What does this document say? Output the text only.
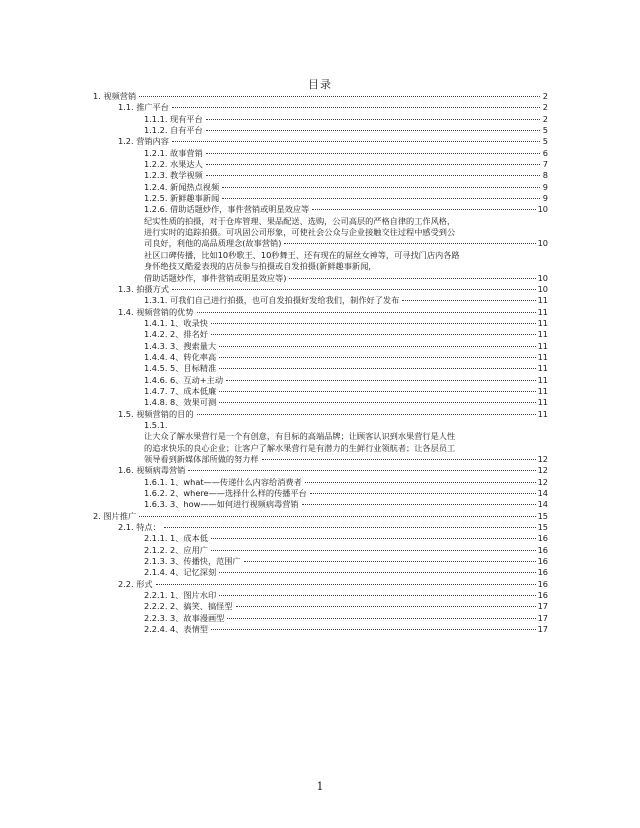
目录
1. 视频营销	2
1.1. 推广平台	2
1.1.1. 现有平台	2
1.1.2. 自有平台	5
1.2. 营销内容	5
1.2.1. 故事营销	6
1.2.2. 水果达人	7
1.2.3. 教学视频	8
1.2.4. 新闻热点视频	9
1.2.5. 新鲜趣事新闻	9
1.2.6. 借助话题炒作，事件营销或明星效应等	10
纪实性质的拍摄，对于仓库管理、果品配送、选购，公司高层的严格自律的工作风格，
进行实时的追踪拍摄。可巩固公司形象，可使社会公众与企业接触交往过程中感受到公
司良好，利他的高品质理念(故事营销)	10
社区口碑传播，比如10秒歌王、10秒舞王、还有现在的屌丝女神等，可寻找门店内各路
身怀绝技又酷爱表现的店员参与拍摄或自发拍摄(新鲜趣事新闻，
借助话题炒作，事件营销或明星效应等)	10
1.3. 拍摄方式	10
1.3.1. 可我们自己进行拍摄，也可自发拍摄好发给我们，制作好了发布	11
1.4. 视频营销的优势	11
1.4.1. 1、收录快	11
1.4.2. 2、排名好	11
1.4.3. 3、搜索量大	11
1.4.4. 4、转化率高	11
1.4.5. 5、目标精准	11
1.4.6. 6、互动+主动	11
1.4.7. 7、成本低廉	11
1.4.8. 8、效果可测	11
1.5. 视频营销的目的	11
1.5.1.
让大众了解水果营行是一个有创意，有目标的高端品牌；让顾客认识到水果营行是人性
的追求快乐的良心企业；让客户了解水果营行是有潜力的生鲜行业领航者；让各层员工
领导看到新媒体部所做的努力样	12
1.6. 视频病毒营销	12
1.6.1. 1、what——传递什么内容给消费者	12
1.6.2. 2、where——选择什么样的传播平台	14
1.6.3. 3、how——如何进行视频病毒营销	14
2. 图片推广	15
2.1. 特点：	15
2.1.1. 1、成本低	16
2.1.2. 2、应用广	16
2.1.3. 3、传播快，范围广	16
2.1.4. 4、记忆深刻	16
2.2. 形式	16
2.2.1. 1、图片水印	16
2.2.2. 2、搞笑、搞怪型	17
2.2.3. 3、故事漫画型	17
2.2.4. 4、表情型	17
1
